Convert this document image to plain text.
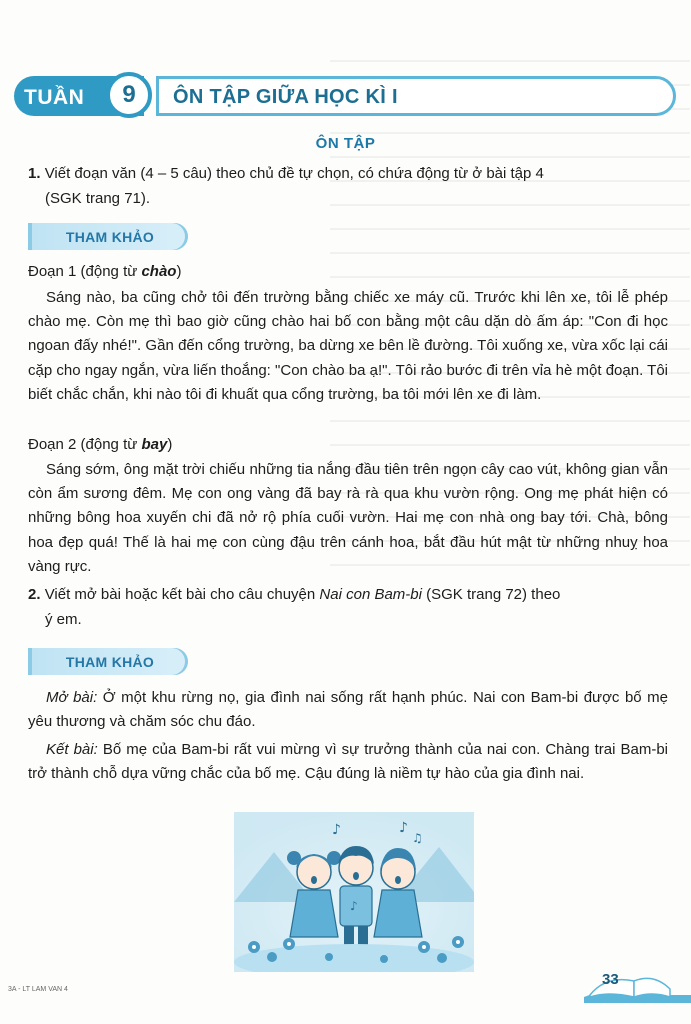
TUẦN	ÔN TẬP GIỮA HỌC KÌ I
9
ÔN TẬP
1. Viết đoạn văn (4 – 5 câu) theo chủ đề tự chọn, có chứa động từ ở bài tập 4
(SGK trang 71).
THAM KHẢO
Đoạn 1 (động từ chào)
Sáng nào, ba cũng chở tôi đến trường bằng chiếc xe máy cũ. Trước khi lên xe, tôi lễ phép chào mẹ. Còn mẹ thì bao giờ cũng chào hai bố con bằng một câu dặn dò ấm áp: "Con đi học ngoan đấy nhé!". Gần đến cổng trường, ba dừng xe bên lề đường. Tôi xuống xe, vừa xốc lại cái cặp cho ngay ngắn, vừa liến thoắng: "Con chào ba ạ!". Tôi rảo bước đi trên vỉa hè một đoạn. Tôi biết chắc chắn, khi nào tôi đi khuất qua cổng trường, ba tôi mới lên xe đi làm.
Đoạn 2 (động từ bay)
Sáng sớm, ông mặt trời chiếu những tia nắng đầu tiên trên ngọn cây cao vút, không gian vẫn còn ẩm sương đêm. Mẹ con ong vàng đã bay rà rà qua khu vườn rộng. Ong mẹ phát hiện có những bông hoa xuyến chi đã nở rộ phía cuối vườn. Hai mẹ con nhà ong bay tới. Chà, bông hoa đẹp quá! Thế là hai mẹ con cùng đậu trên cánh hoa, bắt đầu hút mật từ những nhuỵ hoa vàng rực.
2. Viết mở bài hoặc kết bài cho câu chuyện Nai con Bam-bi (SGK trang 72) theo
ý em.
THAM KHẢO
Mở bài: Ở một khu rừng nọ, gia đình nai sống rất hạnh phúc. Nai con Bam-bi được bố mẹ yêu thương và chăm sóc chu đáo.
Kết bài: Bố mẹ của Bam-bi rất vui mừng vì sự trưởng thành của nai con. Chàng trai Bam-bi trở thành chỗ dựa vững chắc của bố mẹ. Cậu đúng là niềm tự hào của gia đình nai.
♪	♪
♫
♪
3A - LT LAM VAN 4
33
